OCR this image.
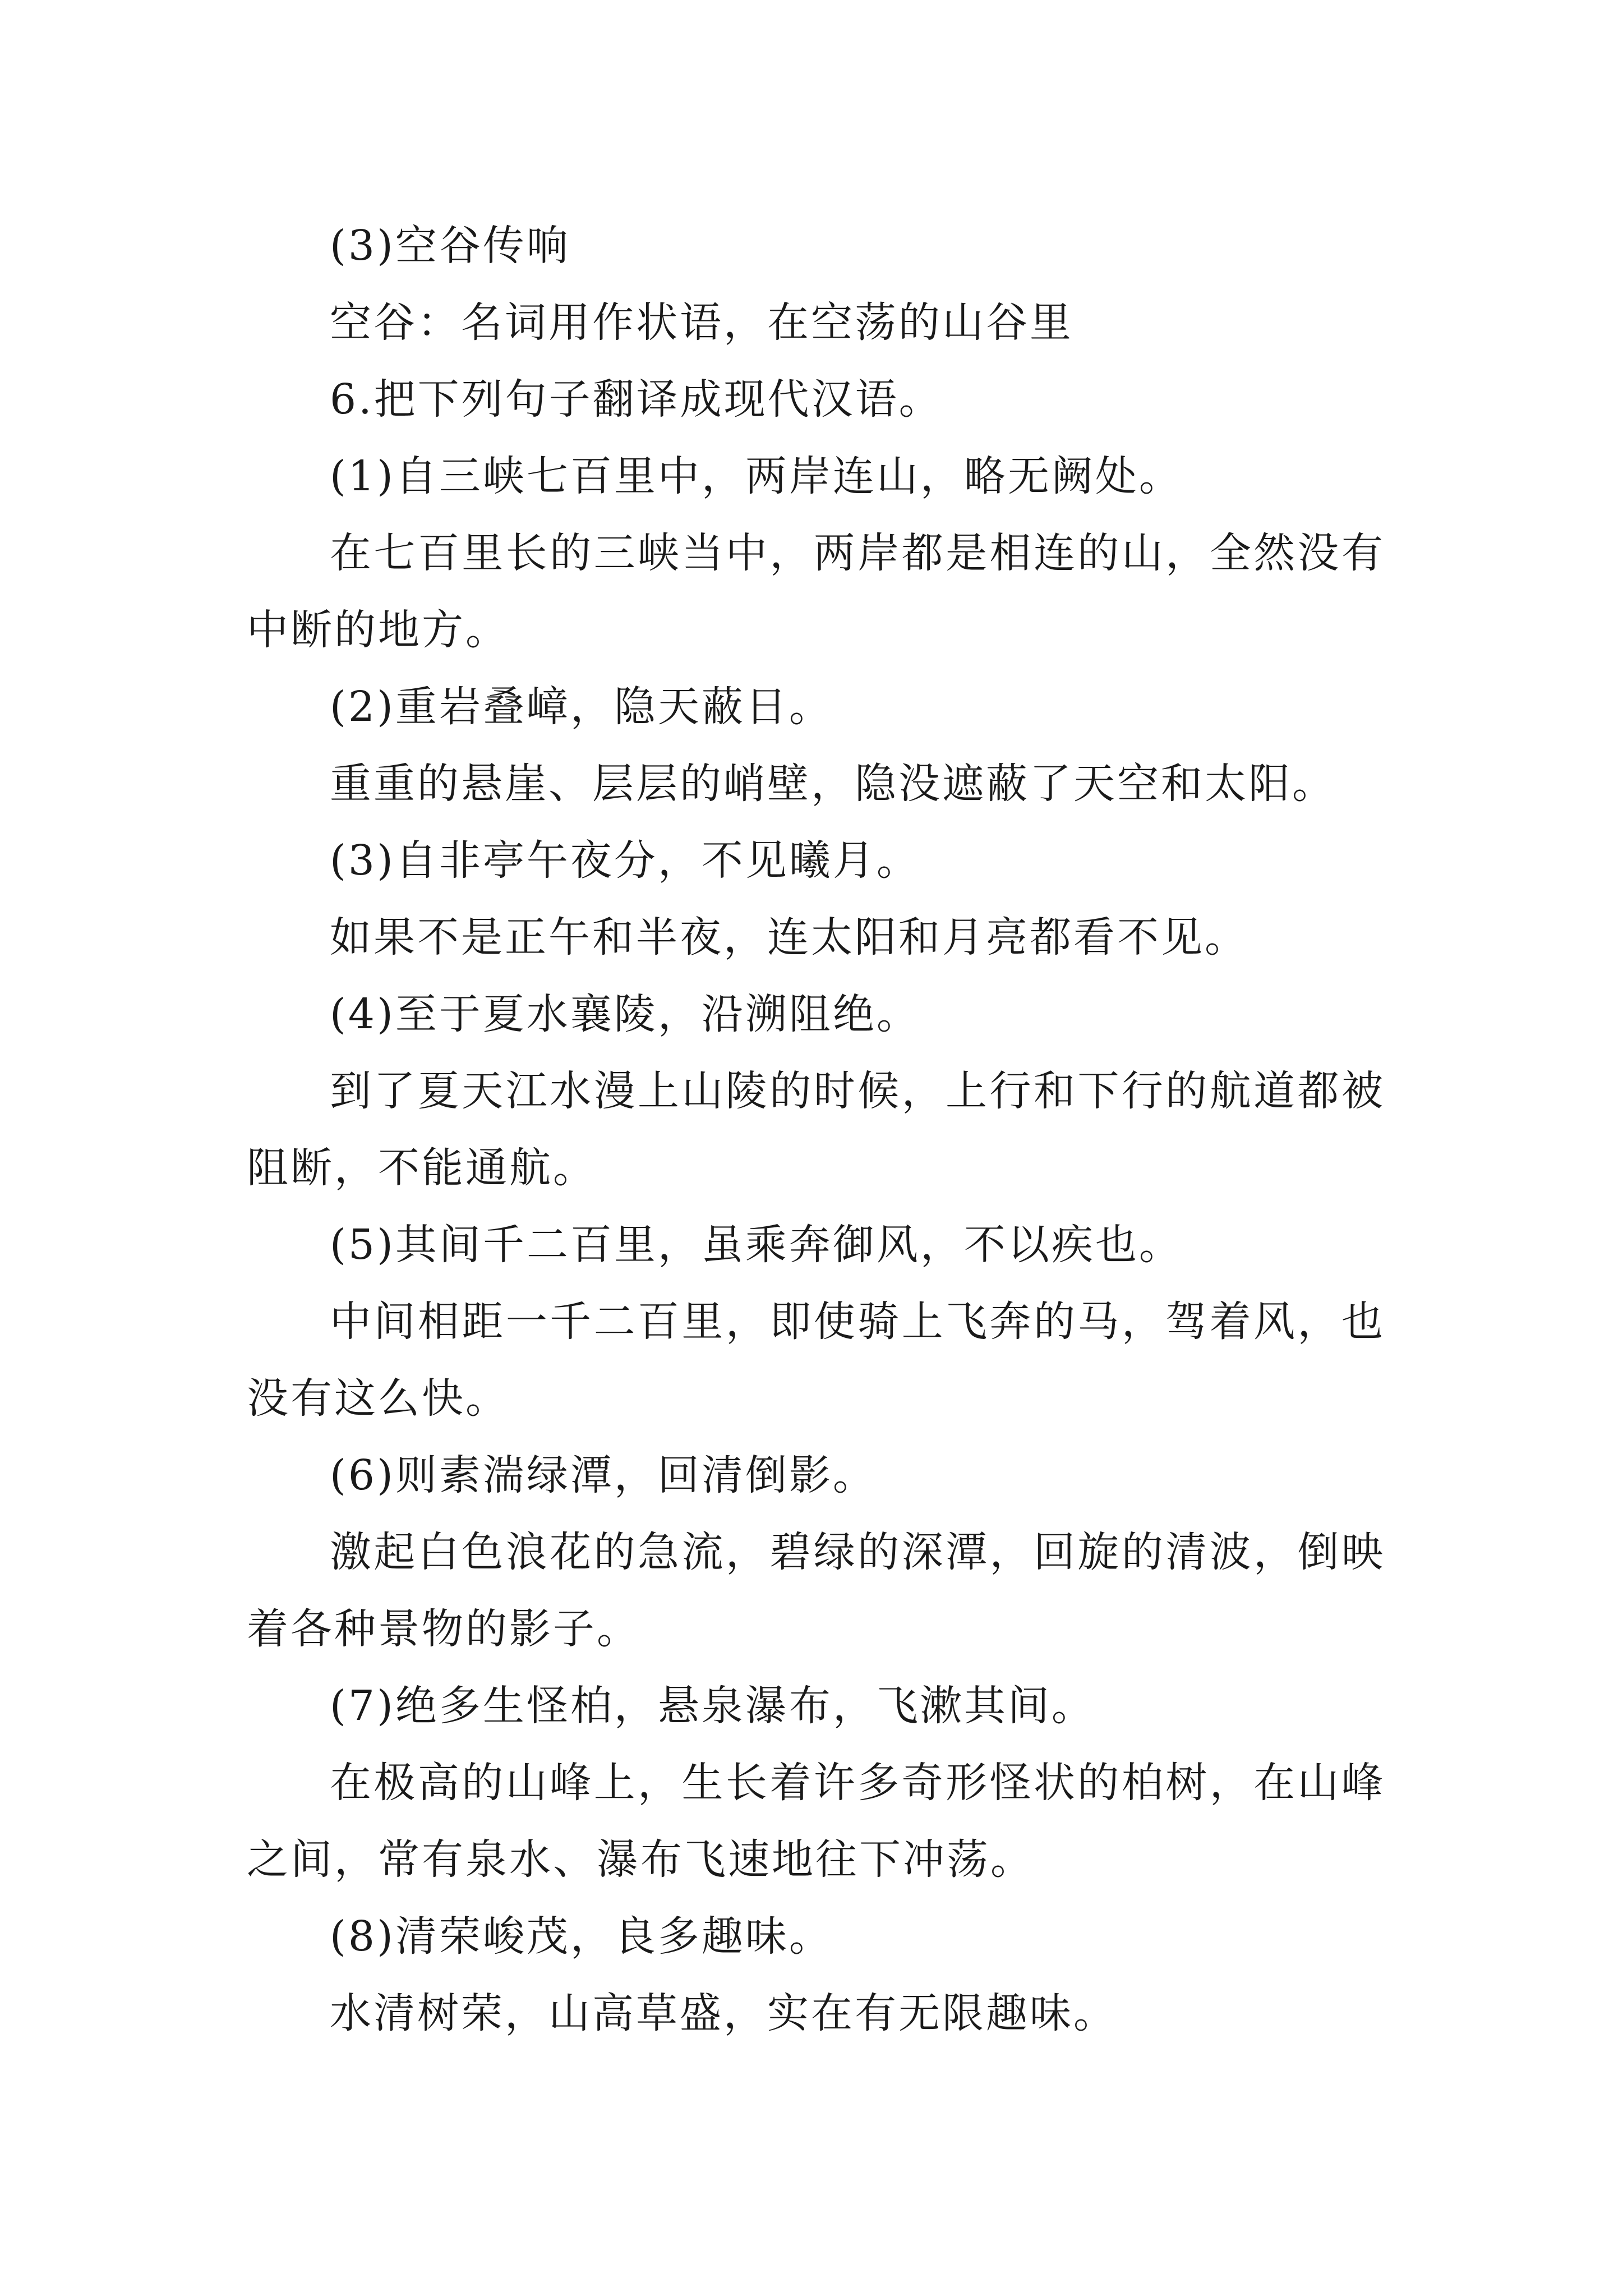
(3)空谷传响

空谷：名词用作状语，在空荡的山谷里

6.把下列句子翻译成现代汉语。

(1)自三峡七百里中，两岸连山，略无阙处。

在七百里长的三峡当中，两岸都是相连的山，全然没有中断的地方。

(2)重岩叠嶂，隐天蔽日。

重重的悬崖、层层的峭壁，隐没遮蔽了天空和太阳。

(3)自非亭午夜分，不见曦月。

如果不是正午和半夜，连太阳和月亮都看不见。

(4)至于夏水襄陵，沿溯阻绝。

到了夏天江水漫上山陵的时候，上行和下行的航道都被阻断，不能通航。

(5)其间千二百里，虽乘奔御风，不以疾也。

中间相距一千二百里，即使骑上飞奔的马，驾着风，也没有这么快。

(6)则素湍绿潭，回清倒影。

激起白色浪花的急流，碧绿的深潭，回旋的清波，倒映着各种景物的影子。

(7)绝多生怪柏，悬泉瀑布，飞漱其间。

在极高的山峰上，生长着许多奇形怪状的柏树，在山峰之间，常有泉水、瀑布飞速地往下冲荡。

(8)清荣峻茂，良多趣味。

水清树荣，山高草盛，实在有无限趣味。
